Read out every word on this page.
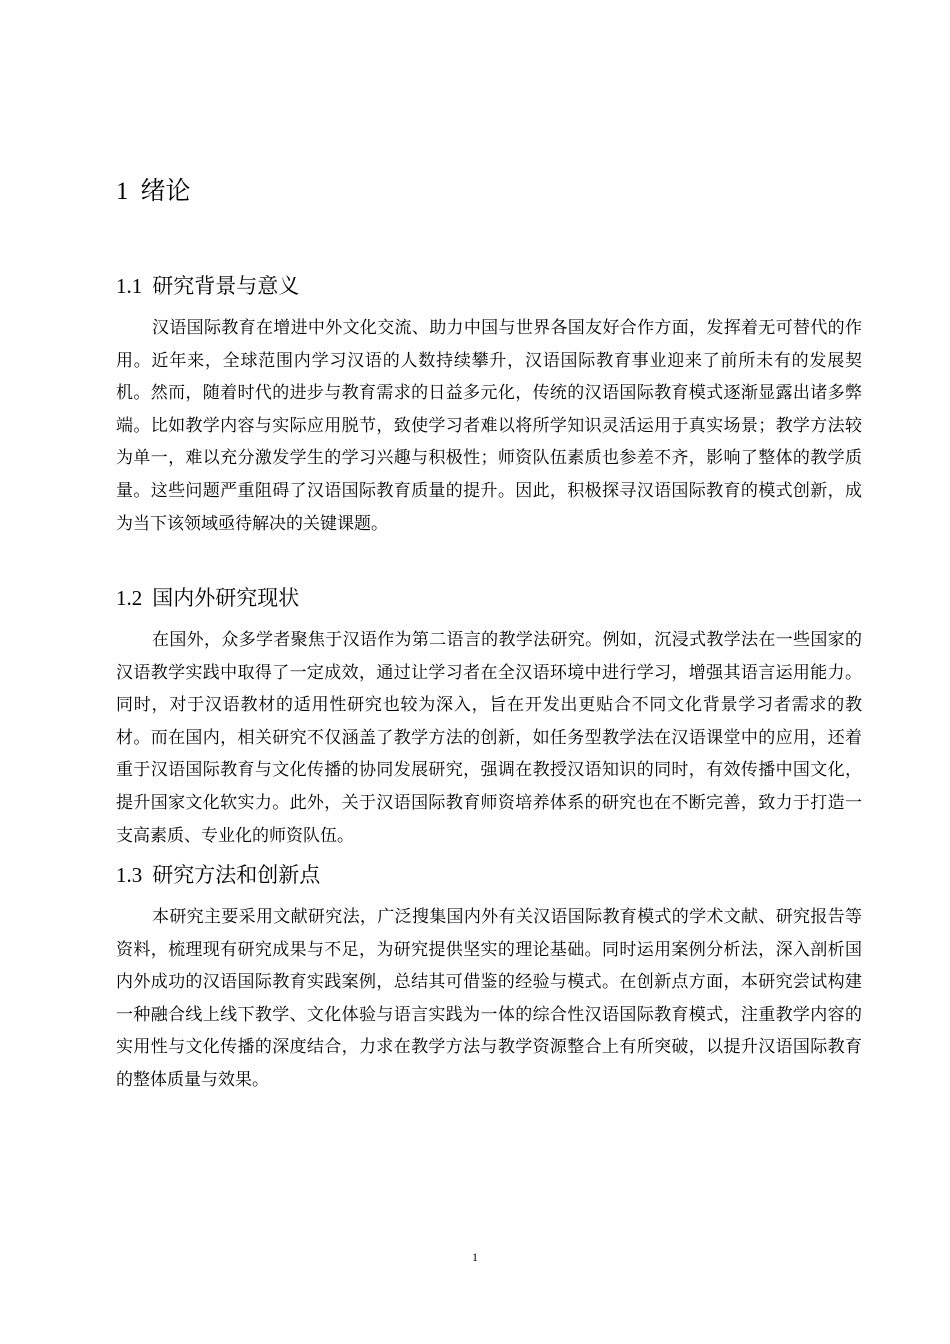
1 绪论
1.1 研究背景与意义

汉语国际教育在增进中外文化交流、助力中国与世界各国友好合作方面，发挥着无可替代的作用。近年来，全球范围内学习汉语的人数持续攀升，汉语国际教育事业迎来了前所未有的发展契机。然而，随着时代的进步与教育需求的日益多元化，传统的汉语国际教育模式逐渐显露出诸多弊端。比如教学内容与实际应用脱节，致使学习者难以将所学知识灵活运用于真实场景；教学方法较为单一，难以充分激发学生的学习兴趣与积极性；师资队伍素质也参差不齐，影响了整体的教学质量。这些问题严重阻碍了汉语国际教育质量的提升。因此，积极探寻汉语国际教育的模式创新，成为当下该领域亟待解决的关键课题。

1.2 国内外研究现状

在国外，众多学者聚焦于汉语作为第二语言的教学法研究。例如，沉浸式教学法在一些国家的汉语教学实践中取得了一定成效，通过让学习者在全汉语环境中进行学习，增强其语言运用能力。同时，对于汉语教材的适用性研究也较为深入，旨在开发出更贴合不同文化背景学习者需求的教材。而在国内，相关研究不仅涵盖了教学方法的创新，如任务型教学法在汉语课堂中的应用，还着重于汉语国际教育与文化传播的协同发展研究，强调在教授汉语知识的同时，有效传播中国文化，提升国家文化软实力。此外，关于汉语国际教育师资培养体系的研究也在不断完善，致力于打造一支高素质、专业化的师资队伍。

1.3 研究方法和创新点

本研究主要采用文献研究法，广泛搜集国内外有关汉语国际教育模式的学术文献、研究报告等资料，梳理现有研究成果与不足，为研究提供坚实的理论基础。同时运用案例分析法，深入剖析国内外成功的汉语国际教育实践案例，总结其可借鉴的经验与模式。在创新点方面，本研究尝试构建一种融合线上线下教学、文化体验与语言实践为一体的综合性汉语国际教育模式，注重教学内容的实用性与文化传播的深度结合，力求在教学方法与教学资源整合上有所突破，以提升汉语国际教育的整体质量与效果。

1
